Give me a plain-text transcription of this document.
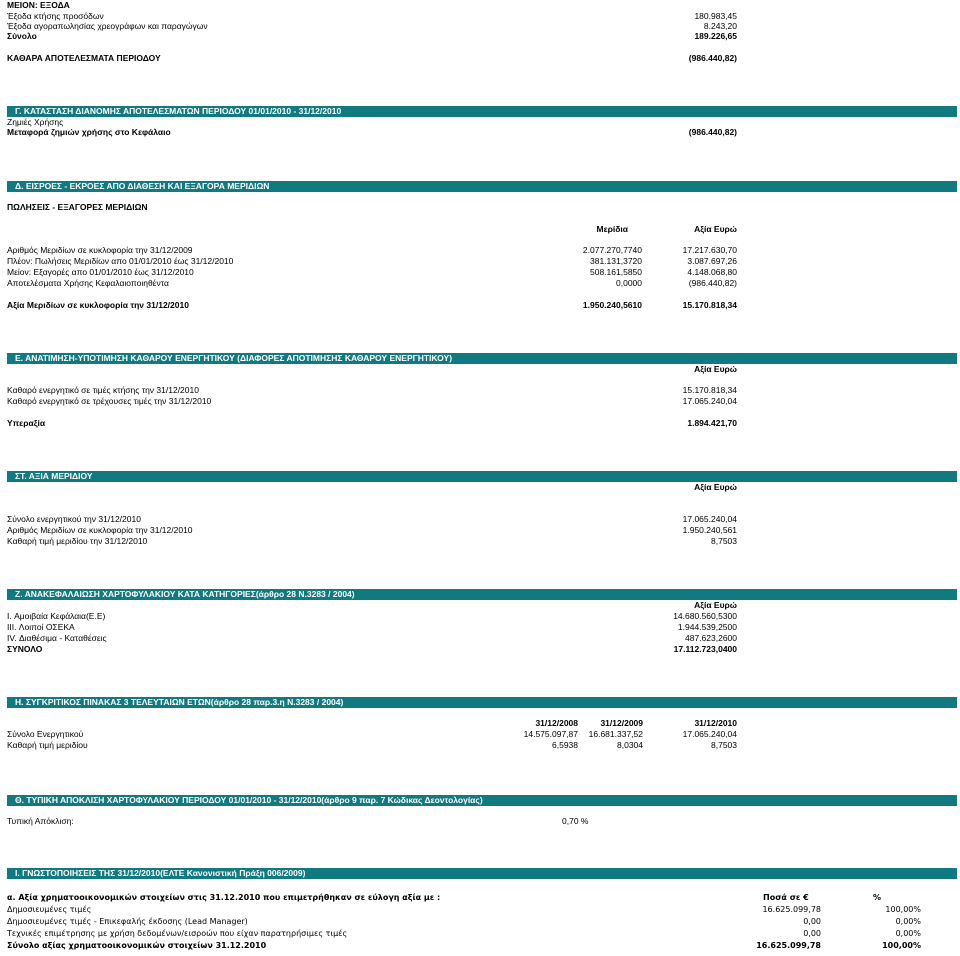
ΜΕΙΟΝ: ΕΞΟΔΑ
Έξοδα κτήσης προσόδων	180.983,45
Έξοδα αγοραπωλησίας χρεογράφων και παραγώγων	8.243,20
Σύνολο	189.226,65
ΚΑΘΑΡΑ ΑΠΟΤΕΛΕΣΜΑΤΑ ΠΕΡΙΟΔΟΥ	(986.440,82)
Γ. ΚΑΤΑΣΤΑΣΗ ΔΙΑΝΟΜΗΣ ΑΠΟΤΕΛΕΣΜΑΤΩΝ ΠΕΡΙΟΔΟΥ 01/01/2010 - 31/12/2010
Ζημιές Χρήσης
Μεταφορά ζημιών χρήσης στο Κεφάλαιο	(986.440,82)
Δ. ΕΙΣΡΟΕΣ - ΕΚΡΟΕΣ ΑΠΟ ΔΙΑΘΕΣΗ ΚΑΙ ΕΞΑΓΟΡΑ ΜΕΡΙΔΙΩΝ
ΠΩΛΗΣΕΙΣ - ΕΞΑΓΟΡΕΣ ΜΕΡΙΔΙΩΝ
Μερίδια	Αξία Ευρώ
Αριθμός Μεριδίων σε κυκλοφορία την 31/12/2009	2.077.270,7740	17.217.630,70
Πλέον: Πωλήσεις Μεριδίων απο 01/01/2010 έως 31/12/2010	381.131,3720	3.087.697,26
Μείον: Εξαγορές απο 01/01/2010 έως 31/12/2010	508.161,5850	4.148.068,80
Αποτελέσματα Χρήσης Κεφαλαιοποιηθέντα	0,0000	(986.440,82)
Αξία Μεριδίων σε κυκλοφορία την 31/12/2010	1.950.240,5610	15.170.818,34
Ε. ΑΝΑΤΙΜΗΣΗ-ΥΠΟΤΙΜΗΣΗ ΚΑΘΑΡΟΥ ΕΝΕΡΓΗΤΙΚΟΥ (ΔΙΑΦΟΡΕΣ ΑΠΟΤΙΜΗΣΗΣ ΚΑΘΑΡΟΥ ΕΝΕΡΓΗΤΙΚΟΥ)
Αξία Ευρώ
Καθαρό ενεργητικό σε τιμές κτήσης την 31/12/2010	15.170.818,34
Καθαρό ενεργητικό σε τρέχουσες τιμές την 31/12/2010	17.065.240,04
Υπεραξία	1.894.421,70
ΣΤ. ΑΞΙΑ ΜΕΡΙΔΙΟΥ
Αξία Ευρώ
Σύνολο ενεργητικού την 31/12/2010	17.065.240,04
Αριθμός Μεριδίων σε κυκλοφορία την 31/12/2010	1.950.240,561
Καθαρή τιμή μεριδίου την 31/12/2010	8,7503
Ζ. ΑΝΑΚΕΦΑΛΑΙΩΣΗ ΧΑΡΤΟΦΥΛΑΚΙΟΥ ΚΑΤΑ ΚΑΤΗΓΟΡΙΕΣ(άρθρο 28 Ν.3283 / 2004)
Αξία Ευρώ
I. Αμοιβαία Κεφάλαια(Ε.Ε)	14.680.560,5300
III. Λοιποί ΟΣΕΚΑ	1.944.539,2500
IV. Διαθέσιμα - Καταθέσεις	487.623,2600
ΣΥΝΟΛΟ	17.112.723,0400
Η. ΣΥΓΚΡΙΤΙΚΟΣ ΠΙΝΑΚΑΣ 3 ΤΕΛΕΥΤΑΙΩΝ ΕΤΩΝ(άρθρο 28 παρ.3.η Ν.3283 / 2004)
31/12/2008	31/12/2009	31/12/2010
Σύνολο Ενεργητικού	14.575.097,87	16.681.337,52	17.065.240,04
Καθαρή τιμή μεριδίου	6,5938	8,0304	8,7503
Θ. ΤΥΠΙΚΗ ΑΠΟΚΛΙΣΗ ΧΑΡΤΟΦΥΛΑΚΙΟΥ ΠΕΡΙΟΔΟΥ 01/01/2010 - 31/12/2010(άρθρο 9 παρ. 7 Κώδικας Δεοντολογίας)
Τυπική Απόκλιση:	0,70 %
Ι. ΓΝΩΣΤΟΠΟΙΗΣΕΙΣ ΤΗΣ 31/12/2010(ΕΛΤΕ Κανονιστική Πράξη 006/2009)
α. Αξία χρηματοοικονομικών στοιχείων στις 31.12.2010 που επιμετρήθηκαν σε εύλογη αξία με :	Ποσά σε €	%
Δημοσιευμένες τιμές	16.625.099,78	100,00%
Δημοσιευμένες τιμές - Επικεφαλής έκδοσης (Lead Manager)	0,00	0,00%
Τεχνικές επιμέτρησης με χρήση δεδομένων/εισροών που είχαν παρατηρήσιμες τιμές	0,00	0,00%
Σύνολο αξίας χρηματοοικονομικών στοιχείων 31.12.2010	16.625.099,78	100,00%
